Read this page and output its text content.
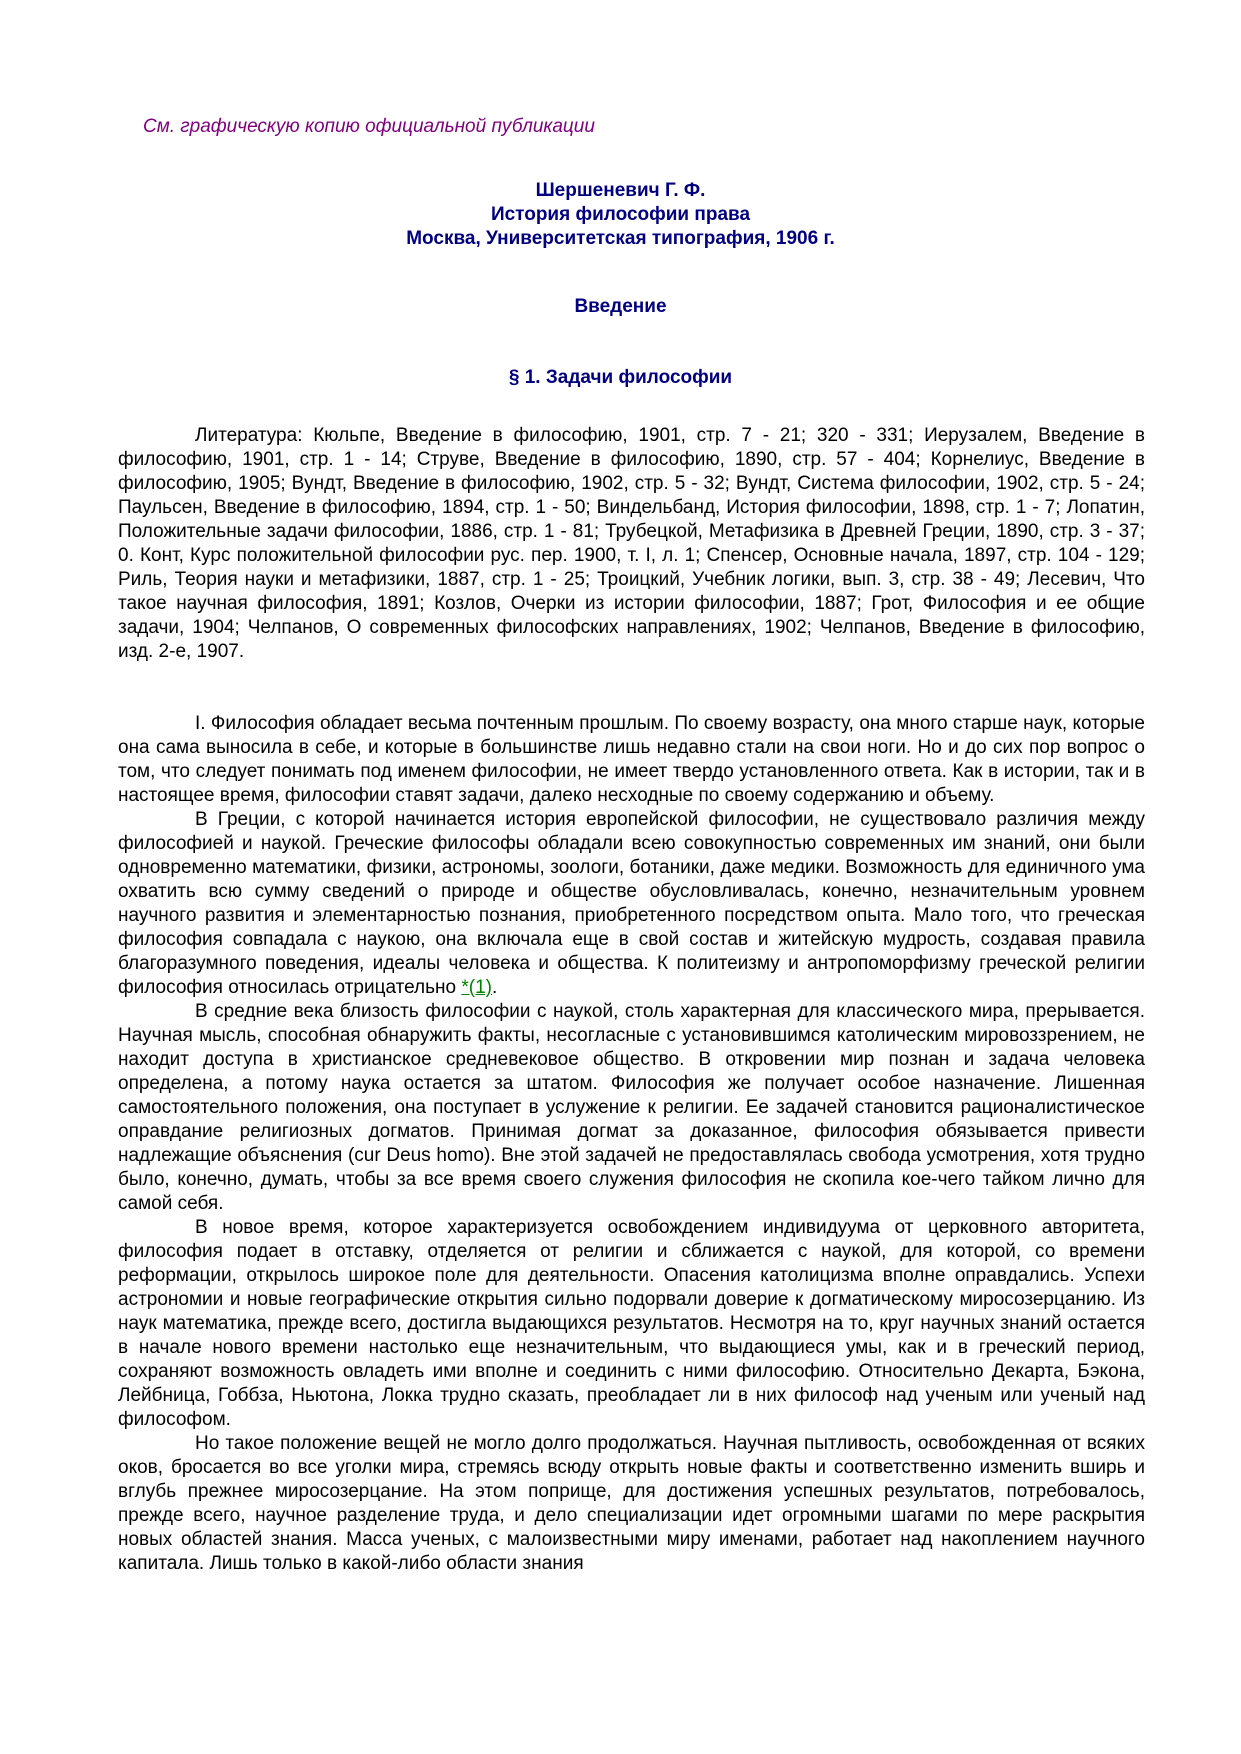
См. графическую копию официальной публикации
Шершеневич Г. Ф.
История философии права
Москва, Университетская типография, 1906 г.
Введение
§ 1. Задачи философии

Литература: Кюльпе, Введение в философию, 1901, стр. 7 - 21; 320 - 331; Иерузалем, Введение в философию, 1901, стр. 1 - 14; Струве, Введение в философию, 1890, стр. 57 - 404; Корнелиус, Введение в философию, 1905; Вундт, Введение в философию, 1902, стр. 5 - 32; Вундт, Система философии, 1902, стр. 5 - 24; Паульсен, Введение в философию, 1894, стр. 1 - 50; Виндельбанд, История философии, 1898, стр. 1 - 7; Лопатин, Положительные задачи философии, 1886, стр. 1 - 81; Трубецкой, Метафизика в Древней Греции, 1890, стр. 3 - 37; 0. Конт, Курс положительной философии рус. пер. 1900, т. I, л. 1; Спенсер, Основные начала, 1897, стр. 104 - 129; Риль, Теория науки и метафизики, 1887, стр. 1 - 25; Троицкий, Учебник логики, вып. 3, стр. 38 - 49; Лесевич, Что такое научная философия, 1891; Козлов, Очерки из истории философии, 1887; Грот, Философия и ее общие задачи, 1904; Челпанов, О современных философских направлениях, 1902; Челпанов, Введение в философию, изд. 2-е, 1907.

I. Философия обладает весьма почтенным прошлым. По своему возрасту, она много старше наук, которые она сама выносила в себе, и которые в большинстве лишь недавно стали на свои ноги. Но и до сих пор вопрос о том, что следует понимать под именем философии, не имеет твердо установленного ответа. Как в истории, так и в настоящее время, философии ставят задачи, далеко несходные по своему содержанию и объему.

В Греции, с которой начинается история европейской философии, не существовало различия между философией и наукой. Греческие философы обладали всею совокупностью современных им знаний, они были одновременно математики, физики, астрономы, зоологи, ботаники, даже медики. Возможность для единичного ума охватить всю сумму сведений о природе и обществе обусловливалась, конечно, незначительным уровнем научного развития и элементарностью познания, приобретенного посредством опыта. Мало того, что греческая философия совпадала с наукою, она включала еще в свой состав и житейскую мудрость, создавая правила благоразумного поведения, идеалы человека и общества. К политеизму и антропоморфизму греческой религии философия относилась отрицательно *(1).

В средние века близость философии с наукой, столь характерная для классического мира, прерывается. Научная мысль, способная обнаружить факты, несогласные с установившимся католическим мировоззрением, не находит доступа в христианское средневековое общество. В откровении мир познан и задача человека определена, а потому наука остается за штатом. Философия же получает особое назначение. Лишенная самостоятельного положения, она поступает в услужение к религии. Ее задачей становится рационалистическое оправдание религиозных догматов. Принимая догмат за доказанное, философия обязывается привести надлежащие объяснения (cur Deus homo). Вне этой задачей не предоставлялась свобода усмотрения, хотя трудно было, конечно, думать, чтобы за все время своего служения философия не скопила кое-чего тайком лично для самой себя.

В новое время, которое характеризуется освобождением индивидуума от церковного авторитета, философия подает в отставку, отделяется от религии и сближается с наукой, для которой, со времени реформации, открылось широкое поле для деятельности. Опасения католицизма вполне оправдались. Успехи астрономии и новые географические открытия сильно подорвали доверие к догматическому миросозерцанию. Из наук математика, прежде всего, достигла выдающихся результатов. Несмотря на то, круг научных знаний остается в начале нового времени настолько еще незначительным, что выдающиеся умы, как и в греческий период, сохраняют возможность овладеть ими вполне и соединить с ними философию. Относительно Декарта, Бэкона, Лейбница, Гоббза, Ньютона, Локка трудно сказать, преобладает ли в них философ над ученым или ученый над философом.

Но такое положение вещей не могло долго продолжаться. Научная пытливость, освобожденная от всяких оков, бросается во все уголки мира, стремясь всюду открыть новые факты и соответственно изменить вширь и вглубь прежнее миросозерцание. На этом поприще, для достижения успешных результатов, потребовалось, прежде всего, научное разделение труда, и дело специализации идет огромными шагами по мере раскрытия новых областей знания. Масса ученых, с малоизвестными миру именами, работает над накоплением научного капитала. Лишь только в какой-либо области знания
